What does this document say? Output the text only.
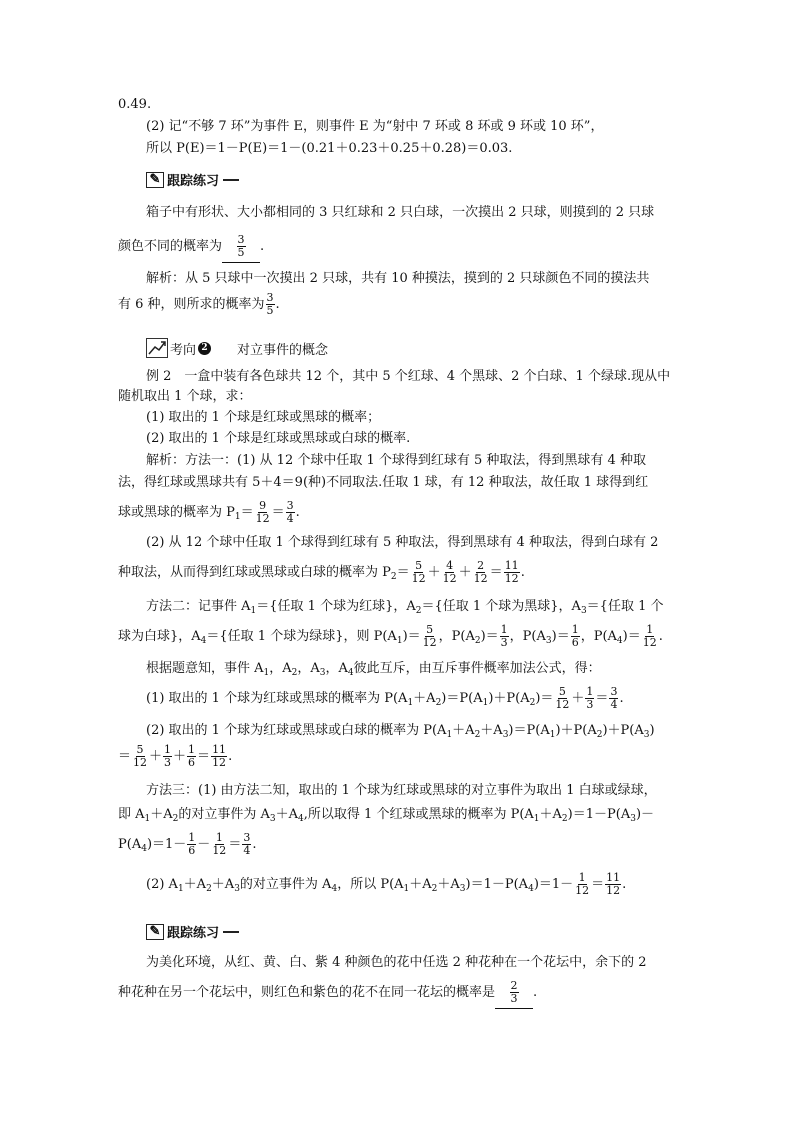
0.49.
(2) 记“不够 7 环”为事件 E，则事件 E 为“射中 7 环或 8 环或 9 环或 10 环”，
所以 P(E)＝1－P(E)＝1－(0.21＋0.23＋0.25＋0.28)＝0.03.
✎ 跟踪练习
箱子中有形状、大小都相同的 3 只红球和 2 只白球，一次摸出 2 只球，则摸到的 2 只球
颜色不同的概率为 $\frac{3}{5}$ .
解析：从 5 只球中一次摸出 2 只球，共有 10 种摸法，摸到的 2 只球颜色不同的摸法共
有 6 种，则所求的概率为 $\frac{3}{5}$ .
考向 2 对立事件的概念
例 2　一盒中装有各色球共 12 个，其中 5 个红球、4 个黑球、2 个白球、1 个绿球.现从中
随机取出 1 个球，求：
(1) 取出的 1 个球是红球或黑球的概率；
(2) 取出的 1 个球是红球或黑球或白球的概率.
解析：方法一：(1) 从 12 个球中任取 1 个球得到红球有 5 种取法，得到黑球有 4 种取
法，得红球或黑球共有 5＋4＝9(种)不同取法.任取 1 球，有 12 种取法，故任取 1 球得到红
球或黑球的概率为 $P_1= \frac{9}{12} = \frac{3}{4}$ .
(2) 从 12 个球中任取 1 个球得到红球有 5 种取法，得到黑球有 4 种取法，得到白球有 2
种取法，从而得到红球或黑球或白球的概率为 $P_2= \frac{5}{12} + \frac{4}{12} + \frac{2}{12} = \frac{11}{12}$ .
方法二：记事件 $A_1=${任取 1 个球为红球}，$A_2=${任取 1 个球为黑球}，$A_3=${任取 1 个
球为白球}，$A_4=${任取 1 个球为绿球}，则 $P(A_1)= \frac{5}{12}$ ，$P(A_2)= \frac{1}{3}$ ，$P(A_3)= \frac{1}{6}$ ，$P(A_4)= \frac{1}{12}$ .
根据题意知，事件 $A_1$，$A_2$，$A_3$，$A_4$彼此互斥，由互斥事件概率加法公式，得：
(1) 取出的 1 个球为红球或黑球的概率为 $P(A_1+A_2)=P(A_1)+P(A_2)= \frac{5}{12} + \frac{1}{3} = \frac{3}{4}$ .
(2) 取出的 1 个球为红球或黑球或白球的概率为 $P(A_1+A_2+A_3)=P(A_1)+P(A_2)+P(A_3)$
＝ $\frac{5}{12} + \frac{1}{3} + \frac{1}{6} = \frac{11}{12}$ .
方法三：(1) 由方法二知，取出的 1 个球为红球或黑球的对立事件为取出 1 白球或绿球，
即 $A_1+A_2$的对立事件为 $A_3+A_4$,所以取得 1 个红球或黑球的概率为 $P(A_1+A_2)=1-P(A_3)-$
$P(A_4)=1- \frac{1}{6} - \frac{1}{12} = \frac{3}{4}$ .
(2) $A_1+A_2+A_3$的对立事件为 $A_4$，所以 $P(A_1+A_2+A_3)=1-P(A_4)=1- \frac{1}{12} = \frac{11}{12}$ .
✎ 跟踪练习
为美化环境，从红、黄、白、紫 4 种颜色的花中任选 2 种花种在一个花坛中，余下的 2
种花种在另一个花坛中，则红色和紫色的花不在同一花坛的概率是 $\frac{2}{3}$ .
